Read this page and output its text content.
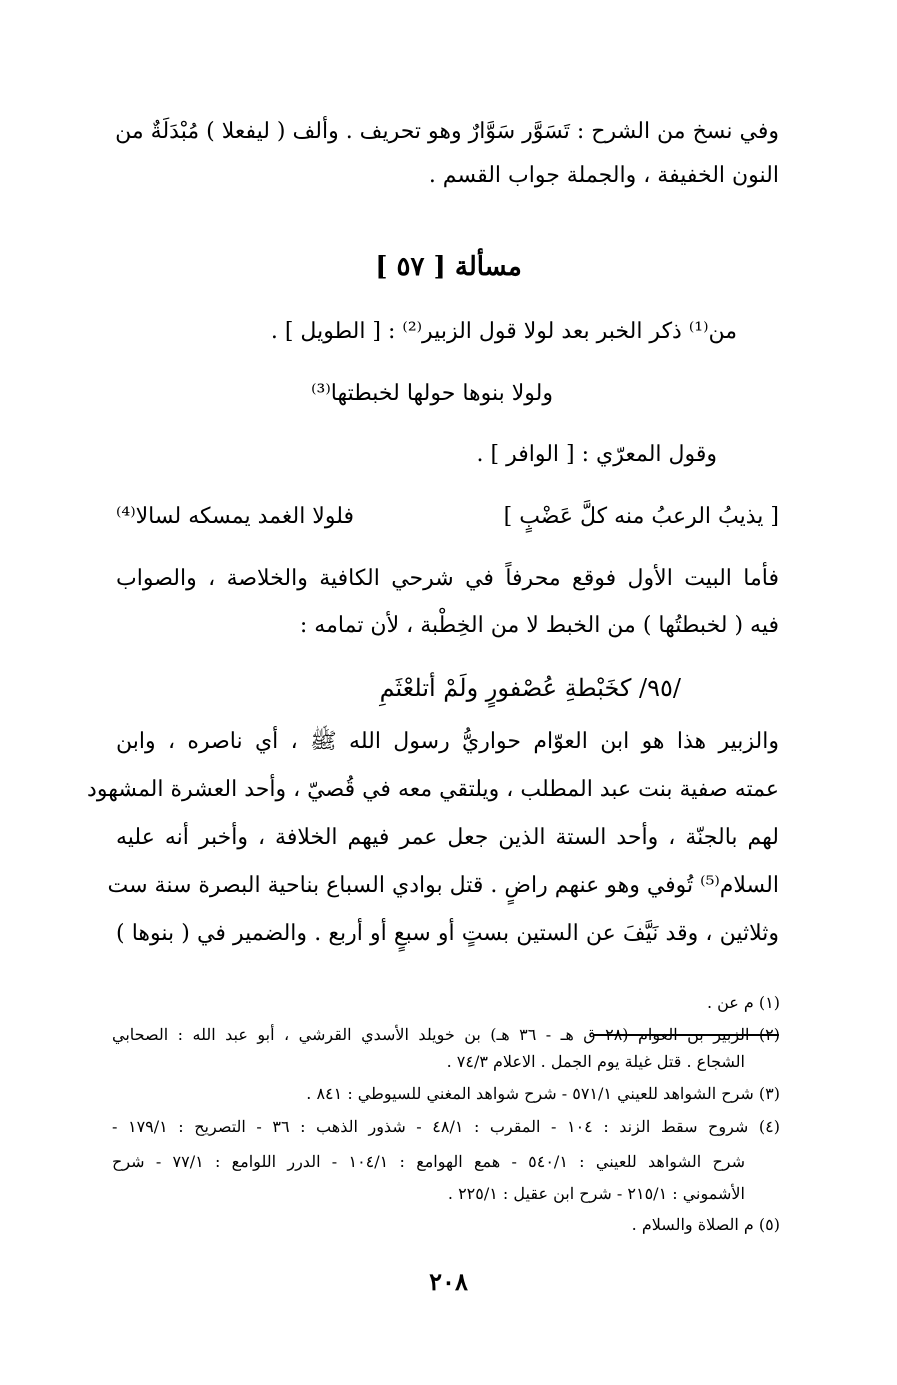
وفي نسخ من الشرح : تَسَوَّر سَوَّارٌ وهو تحريف . وألف ( ليفعلا ) مُبْدَلَةٌ من
النون الخفيفة ، والجملة جواب القسم .
مسألة [ ٥٧ ]
من⁽¹⁾ ذكر الخبر بعد لولا قول الزبير⁽²⁾ : [ الطويل ] .
ولولا بنوها حولها لخبطتها⁽³⁾
وقول المعرّي : [ الوافر ] .
[ يذيبُ الرعبُ منه كلَّ عَضْبٍ ]
فلولا الغمد يمسكه لسالا⁽⁴⁾
فأما البيت الأول فوقع محرفاً في شرحي الكافية والخلاصة ، والصواب
فيه ( لخبطتُها ) من الخبط لا من الخِطْبة ، لأن تمامه :
/٩٥/ كخَبْطةِ عُصْفورٍ ولَمْ أتلعْثَمِ
والزبير هذا هو ابن العوّام حواريُّ رسول الله ﷺ ، أي ناصره ، وابن
عمته صفية بنت عبد المطلب ، ويلتقي معه في قُصيّ ، وأحد العشرة المشهود
لهم بالجنّة ، وأحد الستة الذين جعل عمر فيهم الخلافة ، وأخبر أنه عليه
السلام⁽⁵⁾ تُوفي وهو عنهم راضٍ . قتل بوادي السباع بناحية البصرة سنة ست
وثلاثين ، وقد نَيَّفَ عن الستين بستٍ أو سبعٍ أو أربع . والضمير في ( بنوها )
(١) م عن .
(٢) الزبير بن العوام (٢٨ ق هـ - ٣٦ هـ) بن خويلد الأسدي القرشي ، أبو عبد الله : الصحابي
الشجاع . قتل غيلة يوم الجمل . الاعلام ٧٤/٣ .
(٣) شرح الشواهد للعيني ٥٧١/١ - شرح شواهد المغني للسيوطي : ٨٤١ .
(٤) شروح سقط الزند : ١٠٤ - المقرب : ٤٨/١ - شذور الذهب : ٣٦ - التصريح : ١٧٩/١ -
شرح الشواهد للعيني : ٥٤٠/١ - همع الهوامع : ١٠٤/١ - الدرر اللوامع : ٧٧/١ - شرح
الأشموني : ٢١٥/١ - شرح ابن عقيل : ٢٢٥/١ .
(٥) م الصلاة والسلام .
٢٠٨
